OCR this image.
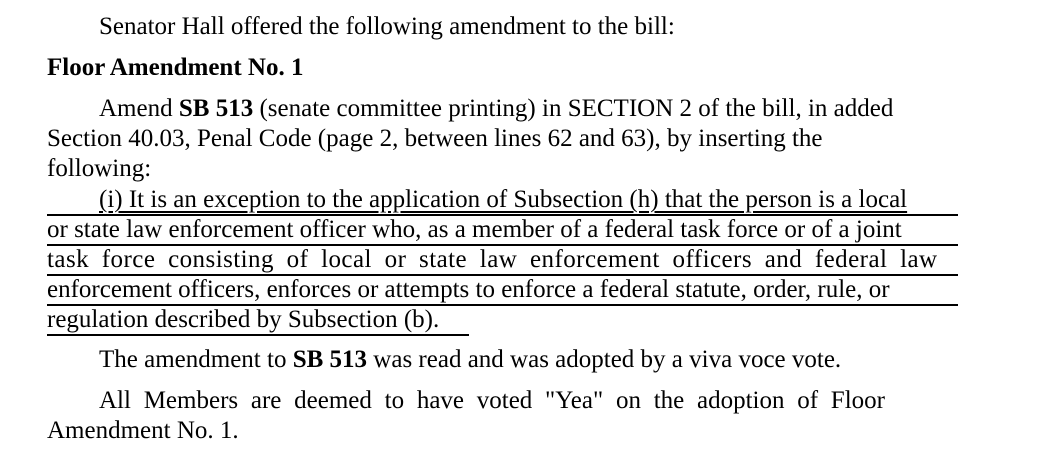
Senator Hall offered the following amendment to the bill:
Floor Amendment No. 1
Amend SB 513 (senate committee printing) in SECTION 2 of the bill, in added
Section 40.03, Penal Code (page 2, between lines 62 and 63), by inserting the
following:
(i) It is an exception to the application of Subsection (h) that the person is a local
or state law enforcement officer who, as a member of a federal task force or of a joint
task force consisting of local or state law enforcement officers and federal law
enforcement officers, enforces or attempts to enforce a federal statute, order, rule, or
regulation described by Subsection (b).
The amendment to SB 513 was read and was adopted by a viva voce vote.
All Members are deemed to have voted "Yea" on the adoption of Floor
Amendment No. 1.
